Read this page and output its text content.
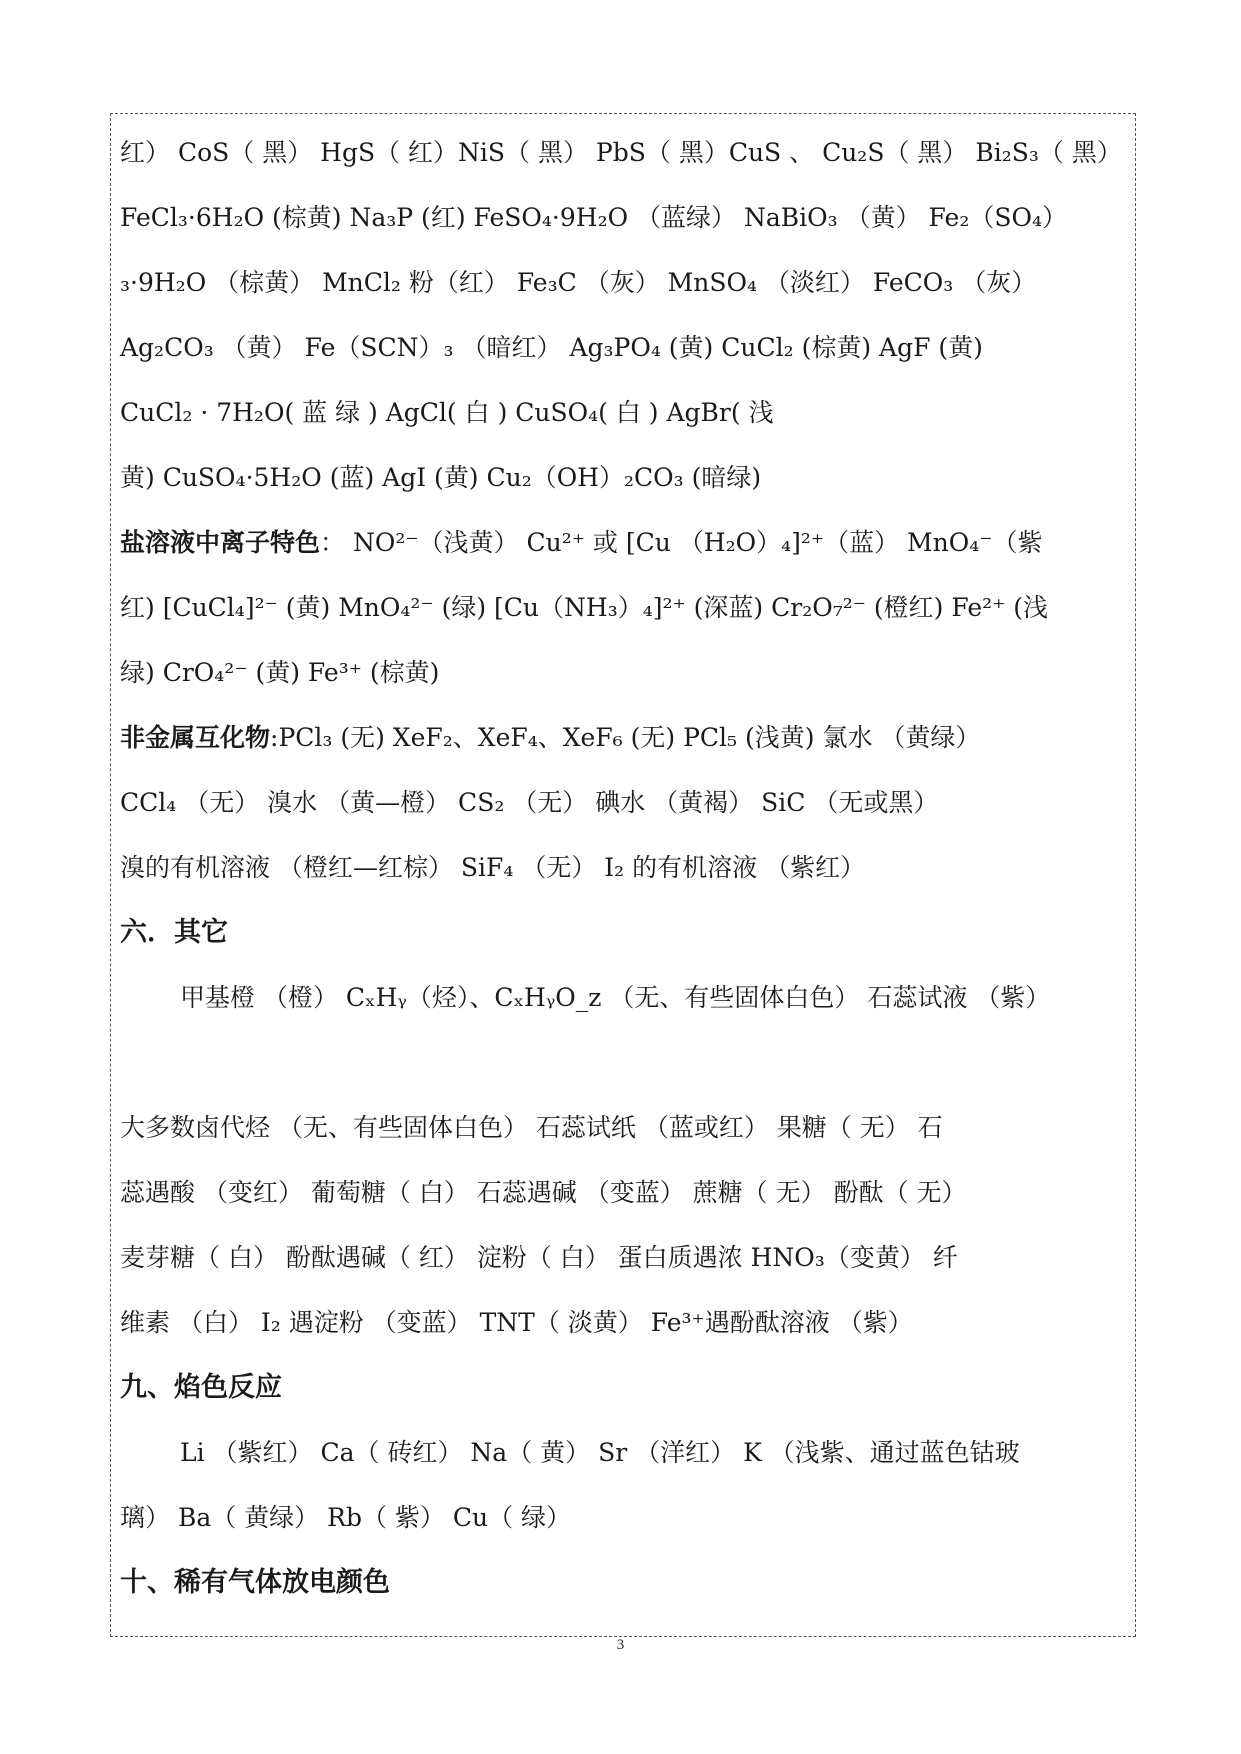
红） CoS（ 黑） HgS（ 红）NiS（ 黑） PbS（ 黑）CuS 、 Cu₂S（ 黑） Bi₂S₃（ 黑）
FeCl₃·6H₂O (棕黄) Na₃P (红) FeSO₄·9H₂O （蓝绿） NaBiO₃ （黄） Fe₂（SO₄）
₃·9H₂O （棕黄） MnCl₂ 粉（红） Fe₃C （灰） MnSO₄ （淡红） FeCO₃ （灰）
Ag₂CO₃ （黄） Fe（SCN）₃ （暗红） Ag₃PO₄ (黄) CuCl₂ (棕黄) AgF (黄)
CuCl₂ · 7H₂O( 蓝 绿 ) AgCl( 白 ) CuSO₄( 白 ) AgBr( 浅
黄) CuSO₄·5H₂O (蓝) AgI (黄) Cu₂（OH）₂CO₃ (暗绿)
盐溶液中离子特色： NO²⁻（浅黄） Cu²⁺ 或 [Cu （H₂O）₄]²⁺（蓝） MnO₄⁻（紫
红) [CuCl₄]²⁻ (黄) MnO₄²⁻ (绿) [Cu（NH₃）₄]²⁺ (深蓝) Cr₂O₇²⁻ (橙红) Fe²⁺ (浅
绿) CrO₄²⁻ (黄) Fe³⁺ (棕黄)
非金属互化物:PCl₃ (无) XeF₂、XeF₄、XeF₆ (无) PCl₅ (浅黄) 氯水 （黄绿）
CCl₄ （无） 溴水 （黄—橙） CS₂ （无） 碘水 （黄褐） SiC （无或黑）
溴的有机溶液 （橙红—红棕） SiF₄ （无） I₂ 的有机溶液 （紫红）
六．其它
甲基橙 （橙） CₓHᵧ（烃）、CₓHᵧO_z （无、有些固体白色） 石蕊试液 （紫）
大多数卤代烃 （无、有些固体白色） 石蕊试纸 （蓝或红） 果糖（ 无） 石
蕊遇酸 （变红） 葡萄糖（ 白） 石蕊遇碱 （变蓝） 蔗糖（ 无） 酚酞（ 无）
麦芽糖（ 白） 酚酞遇碱（ 红） 淀粉（ 白） 蛋白质遇浓 HNO₃（变黄） 纤
维素 （白） I₂ 遇淀粉 （变蓝） TNT（ 淡黄） Fe³⁺遇酚酞溶液 （紫）
九、焰色反应
Li （紫红） Ca（ 砖红） Na（ 黄） Sr （洋红） K （浅紫、通过蓝色钴玻
璃） Ba（ 黄绿） Rb（ 紫） Cu（ 绿）
十、稀有气体放电颜色
3
